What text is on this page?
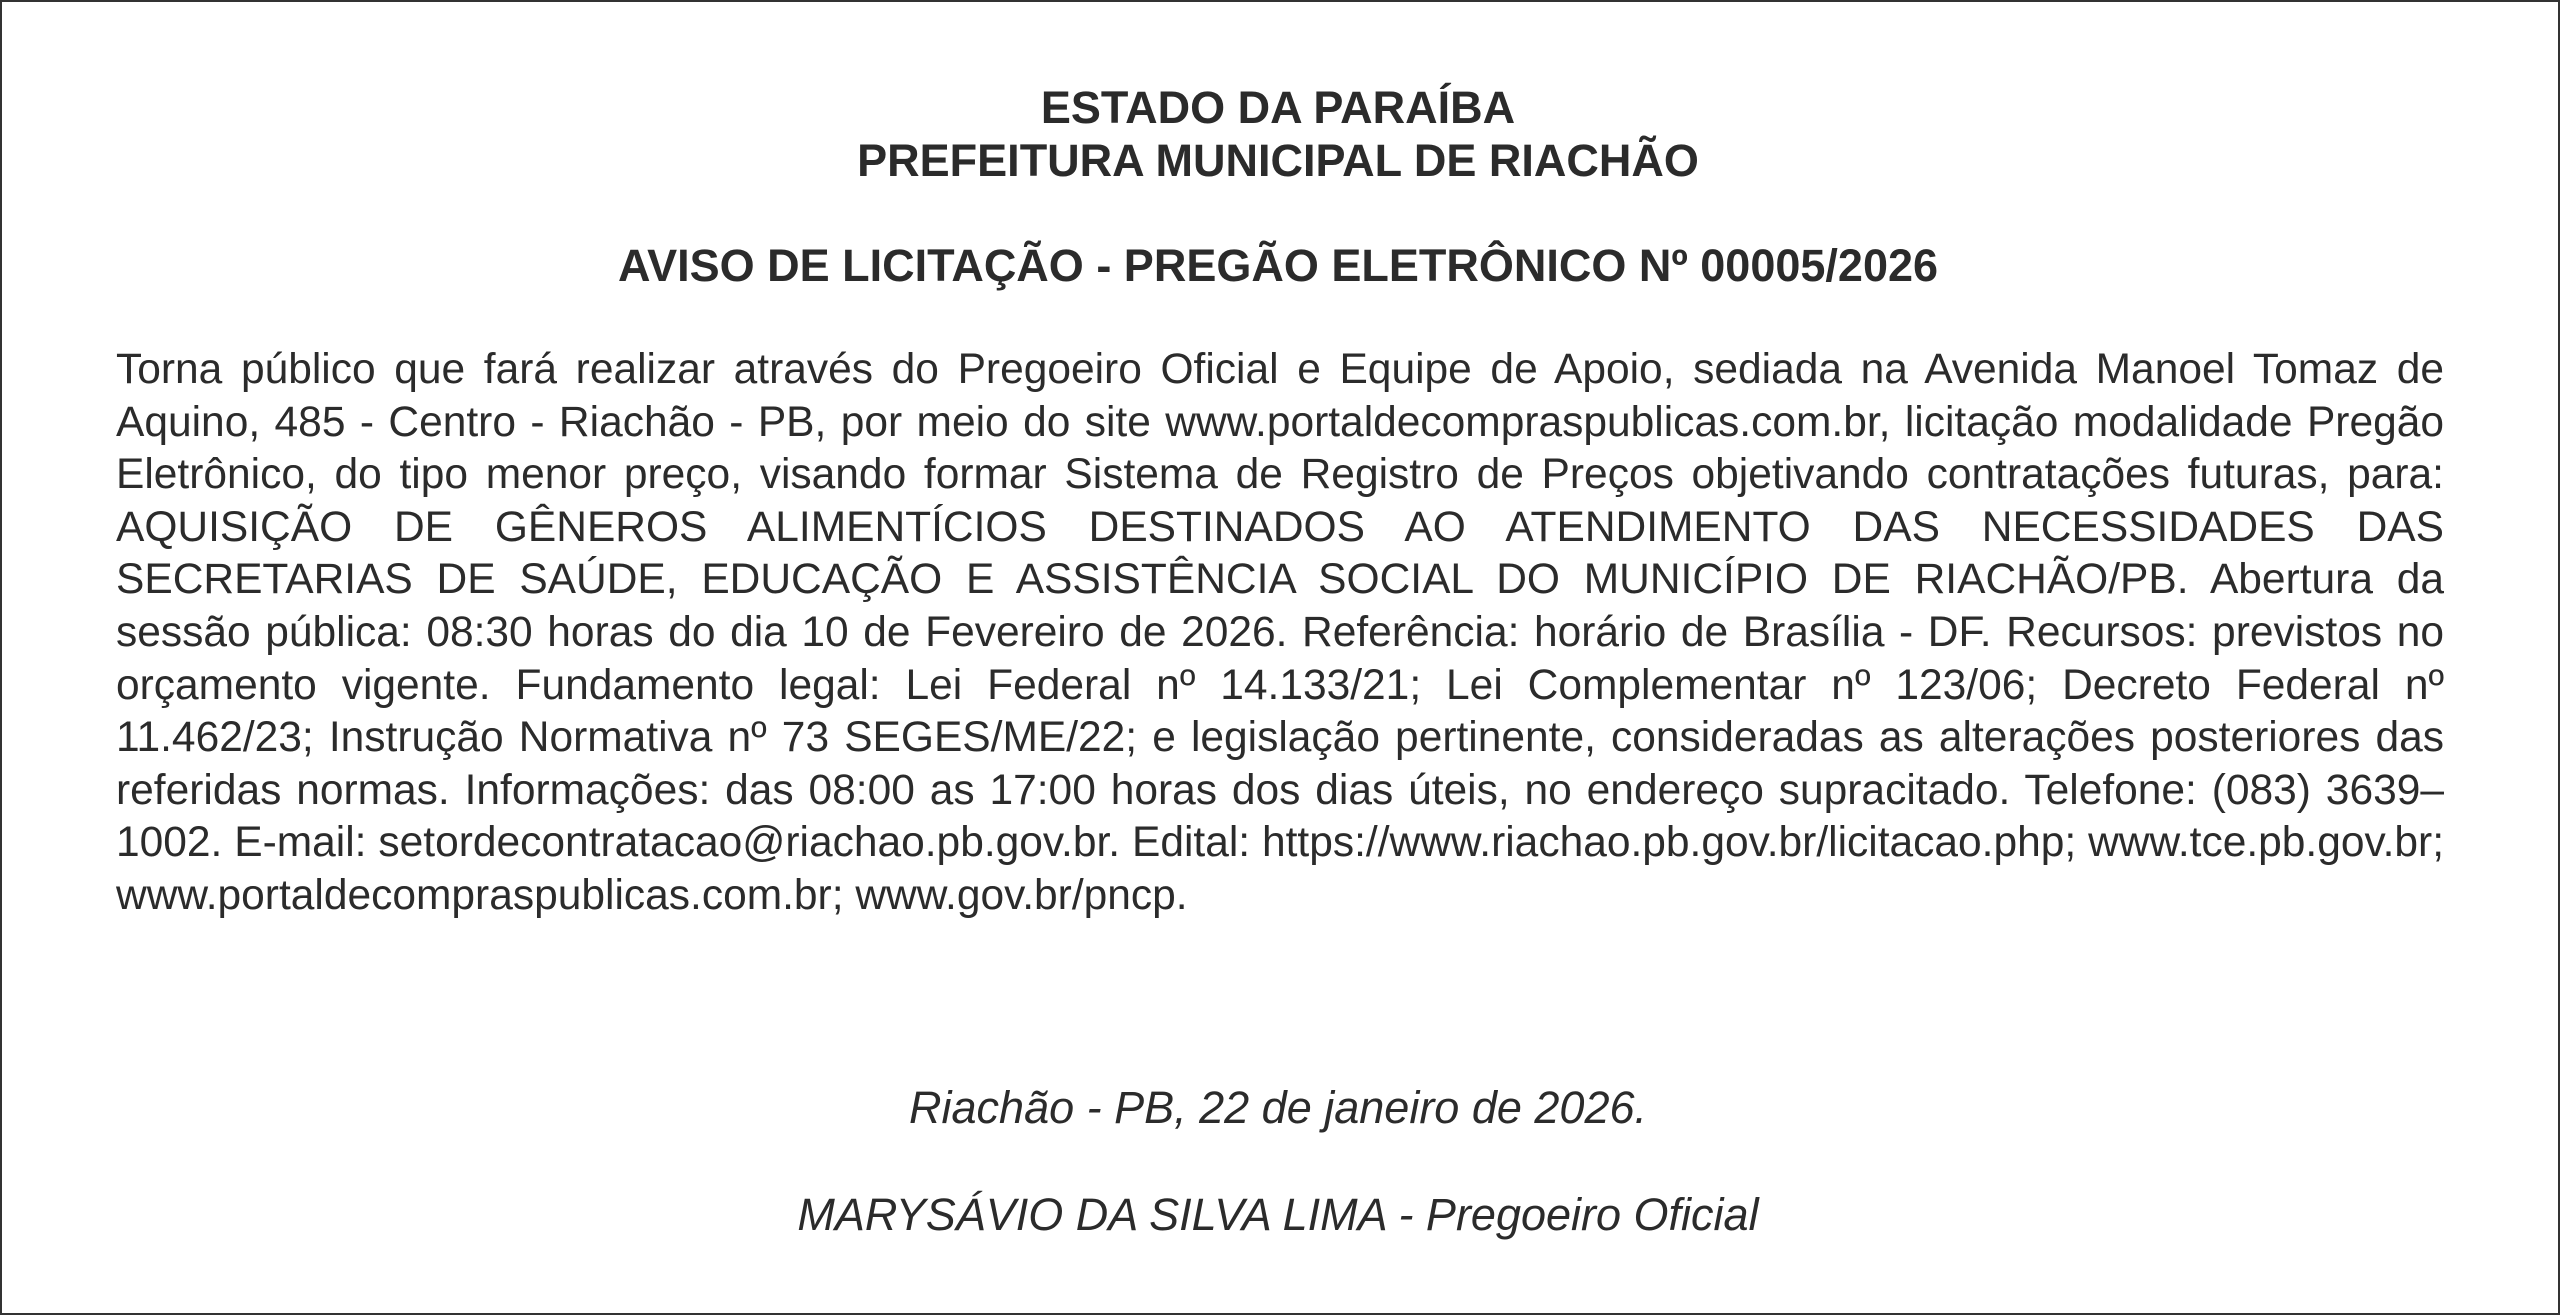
ESTADO DA PARAÍBA
PREFEITURA MUNICIPAL DE RIACHÃO
AVISO DE LICITAÇÃO - PREGÃO ELETRÔNICO Nº 00005/2026

Torna público que fará realizar através do Pregoeiro Oficial e Equipe de Apoio, sediada na Avenida Manoel Tomaz de Aquino, 485 - Centro - Riachão - PB, por meio do site www.portaldecompraspublicas.com.br, licitação modalidade Pregão Eletrônico, do tipo menor preço, visando formar Sistema de Registro de Preços objetivando contratações futuras, para: AQUISIÇÃO DE GÊNEROS ALIMENTÍCIOS DESTINADOS AO ATENDIMENTO DAS NECESSIDADES DAS SECRETARIAS DE SAÚDE, EDUCAÇÃO E ASSISTÊNCIA SOCIAL DO MUNICÍPIO DE RIACHÃO/PB. Abertura da sessão pública: 08:30 horas do dia 10 de Fevereiro de 2026. Referência: horário de Brasília - DF. Recursos: previstos no orçamento vigente. Fundamento legal: Lei Federal nº 14.133/21; Lei Complementar nº 123/06; Decreto Federal nº 11.462/23; Instrução Normativa nº 73 SEGES/ME/22; e legislação pertinente, consideradas as alterações posteriores das referidas normas. Informações: das 08:00 as 17:00 horas dos dias úteis, no endereço supracitado. Telefone: (083) 3639–1002. E-mail: setordecontratacao@riachao.pb.gov.br. Edital: https://www.riachao.pb.gov.br/licitacao.php; www.tce.pb.gov.br; www.portaldecompraspublicas.com.br; www.gov.br/pncp.

Riachão - PB, 22 de janeiro de 2026.
MARYSÁVIO DA SILVA LIMA - Pregoeiro Oficial
